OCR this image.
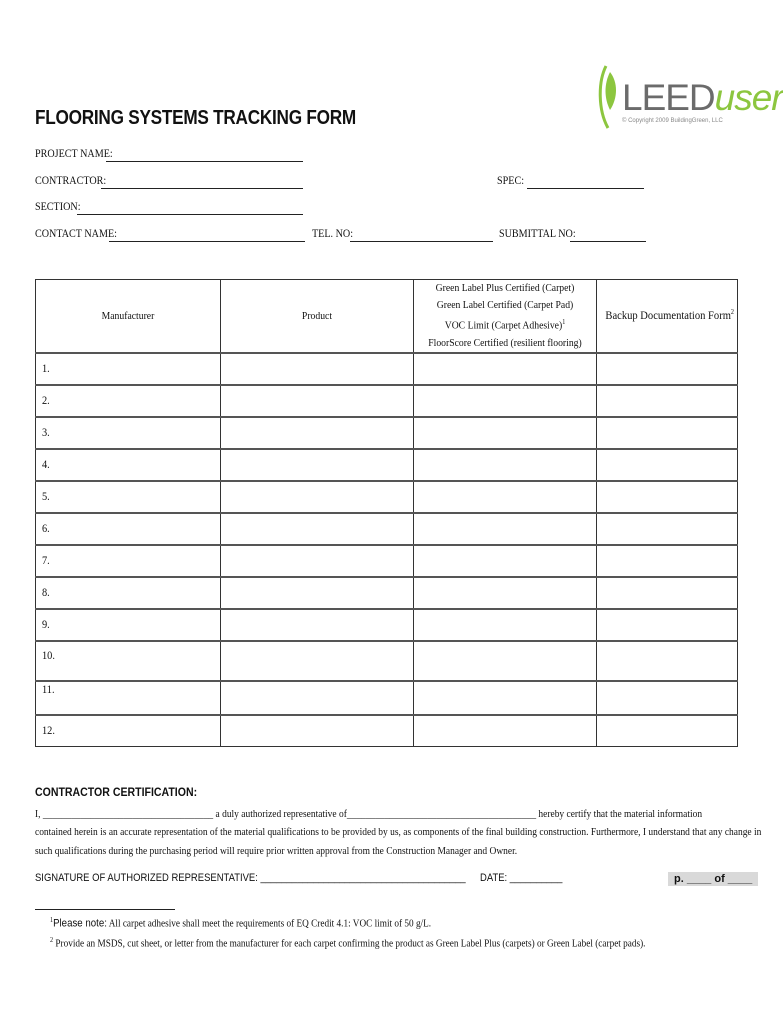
LEEDuser
© Copyright 2009 BuildingGreen, LLC
FLOORING SYSTEMS TRACKING FORM
PROJECT NAME:
CONTRACTOR:	SPEC:
SECTION:
CONTACT NAME:	TEL. NO:	SUBMITTAL NO:
Manufacturer	Product	Green Label Plus Certified (Carpet)
Green Label Certified (Carpet Pad)
VOC Limit (Carpet Adhesive)$^1$
FloorScore Certified (resilient flooring)	Backup Documentation Form$^2$

1.			
2.			
3.			
4.			
5.			
6.			
7.			
8.			
9.			
10.			
11.			
12.			
CONTRACTOR CERTIFICATION:
I, ____________________________________ a duly authorized representative of________________________________________ hereby certify that the material information
contained herein is an accurate representation of the material qualifications to be provided by us, as components of the final building construction. Furthermore, I understand that any change in
such qualifications during the purchasing period will require prior written approval from the Construction Manager and Owner.
SIGNATURE OF AUTHORIZED REPRESENTATIVE: _______________________________________ DATE: __________	p. ____ of ____
$^1$Please note: All carpet adhesive shall meet the requirements of EQ Credit 4.1: VOC limit of 50 g/L.
$^2$ Provide an MSDS, cut sheet, or letter from the manufacturer for each carpet confirming the product as Green Label Plus (carpets) or Green Label (carpet pads).
